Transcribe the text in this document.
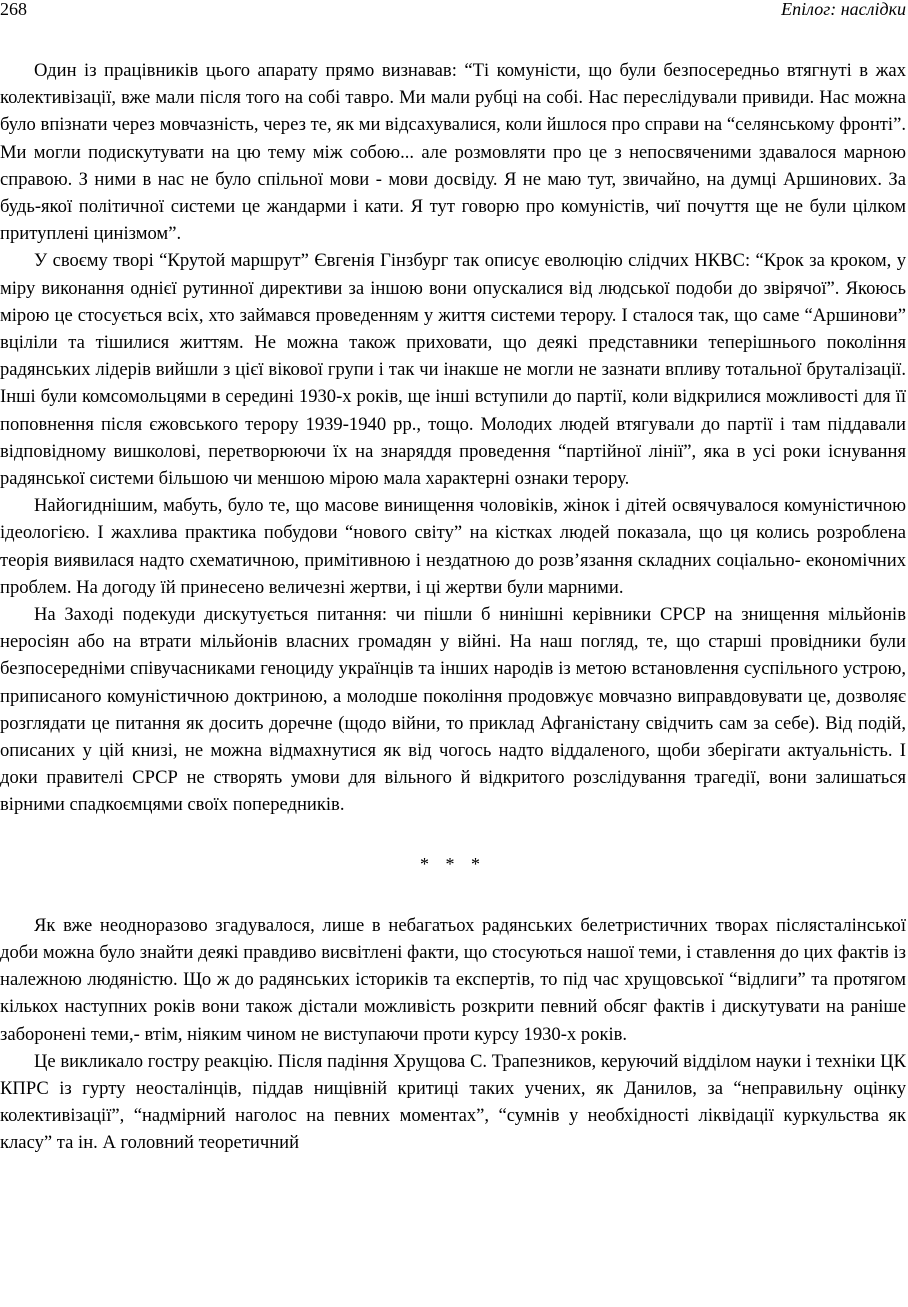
268	Епілог: наслідки

Один із працівників цього апарату прямо визнавав: “Ті комуністи, що були безпосередньо втягнуті в жах колективізації, вже мали після того на собі тавро. Ми мали рубці на собі. Нас переслідували привиди. Нас можна було впізнати через мовчазність, через те, як ми відсахувалися, коли йшлося про справи на “селянському фронті”. Ми могли подискутувати на цю тему між собою... але розмовляти про це з непосвяченими здавалося марною справою. З ними в нас не було спільної мови - мови досвіду. Я не маю тут, звичайно, на думці Аршинових. За будь-якої політичної системи це жандарми і кати. Я тут говорю про комуністів, чиї почуття ще не були цілком притуплені цинізмом”.

У своєму творі “Крутой маршрут” Євгенія Гінзбург так описує еволюцію слідчих НКВС: “Крок за кроком, у міру виконання однієї рутинної директиви за іншою вони опускалися від людської подоби до звірячої”. Якоюсь мірою це стосується всіх, хто займався проведенням у життя системи терору. І сталося так, що саме “Аршинови” вціліли та тішилися життям. Не можна також приховати, що деякі представники теперішнього покоління радянських лідерів вийшли з цієї вікової групи і так чи інакше не могли не зазнати впливу тотальної бруталізації. Інші були комсомольцями в середині 1930-х років, ще інші вступили до партії, коли відкрилися можливості для її поповнення після єжовського терору 1939-1940 рр., тощо. Молодих людей втягували до партії і там піддавали відповідному вишколові, перетворюючи їх на знаряддя проведення “партійної лінії”, яка в усі роки існування радянської системи більшою чи меншою мірою мала характерні ознаки терору.

Найогиднішим, мабуть, було те, що масове винищення чоловіків, жінок і дітей освячувалося комуністичною ідеологією. І жахлива практика побудови “нового світу” на кістках людей показала, що ця колись розроблена теорія виявилася надто схематичною, примітивною і нездатною до розв’язання складних соціально- економічних проблем. На догоду їй принесено величезні жертви, і ці жертви були марними.

На Заході подекуди дискутується питання: чи пішли б нинішні керівники СРСР на знищення мільйонів неросіян або на втрати мільйонів власних громадян у війні. На наш погляд, те, що старші провідники були безпосередніми співучасниками геноциду українців та інших народів із метою встановлення суспільного устрою, приписаного комуністичною доктриною, а молодше покоління продовжує мовчазно виправдовувати це, дозволяє розглядати це питання як досить доречне (щодо війни, то приклад Афганістану свідчить сам за себе). Від подій, описаних у цій книзі, не можна відмахнутися як від чогось надто віддаленого, щоби зберігати актуальність. І доки правителі СРСР не створять умови для вільного й відкритого розслідування трагедії, вони залишаться вірними спадкоємцями своїх попередників.

* * *

Як вже неодноразово згадувалося, лише в небагатьох радянських белетристичних творах післясталінської доби можна було знайти деякі правдиво висвітлені факти, що стосуються нашої теми, і ставлення до цих фактів із належною людяністю. Що ж до радянських істориків та експертів, то під час хрущовської “відлиги” та протягом кількох наступних років вони також дістали можливість розкрити певний обсяг фактів і дискутувати на раніше заборонені теми,- втім, ніяким чином не виступаючи проти курсу 1930-х років.

Це викликало гостру реакцію. Після падіння Хрущова С. Трапезников, керуючий відділом науки і техніки ЦК КПРС із гурту неосталінців, піддав нищівній критиці таких учених, як Данилов, за “неправильну оцінку колективізації”, “надмірний наголос на певних моментах”, “сумнів у необхідності ліквідації куркульства як класу” та ін. А головний теоретичний
